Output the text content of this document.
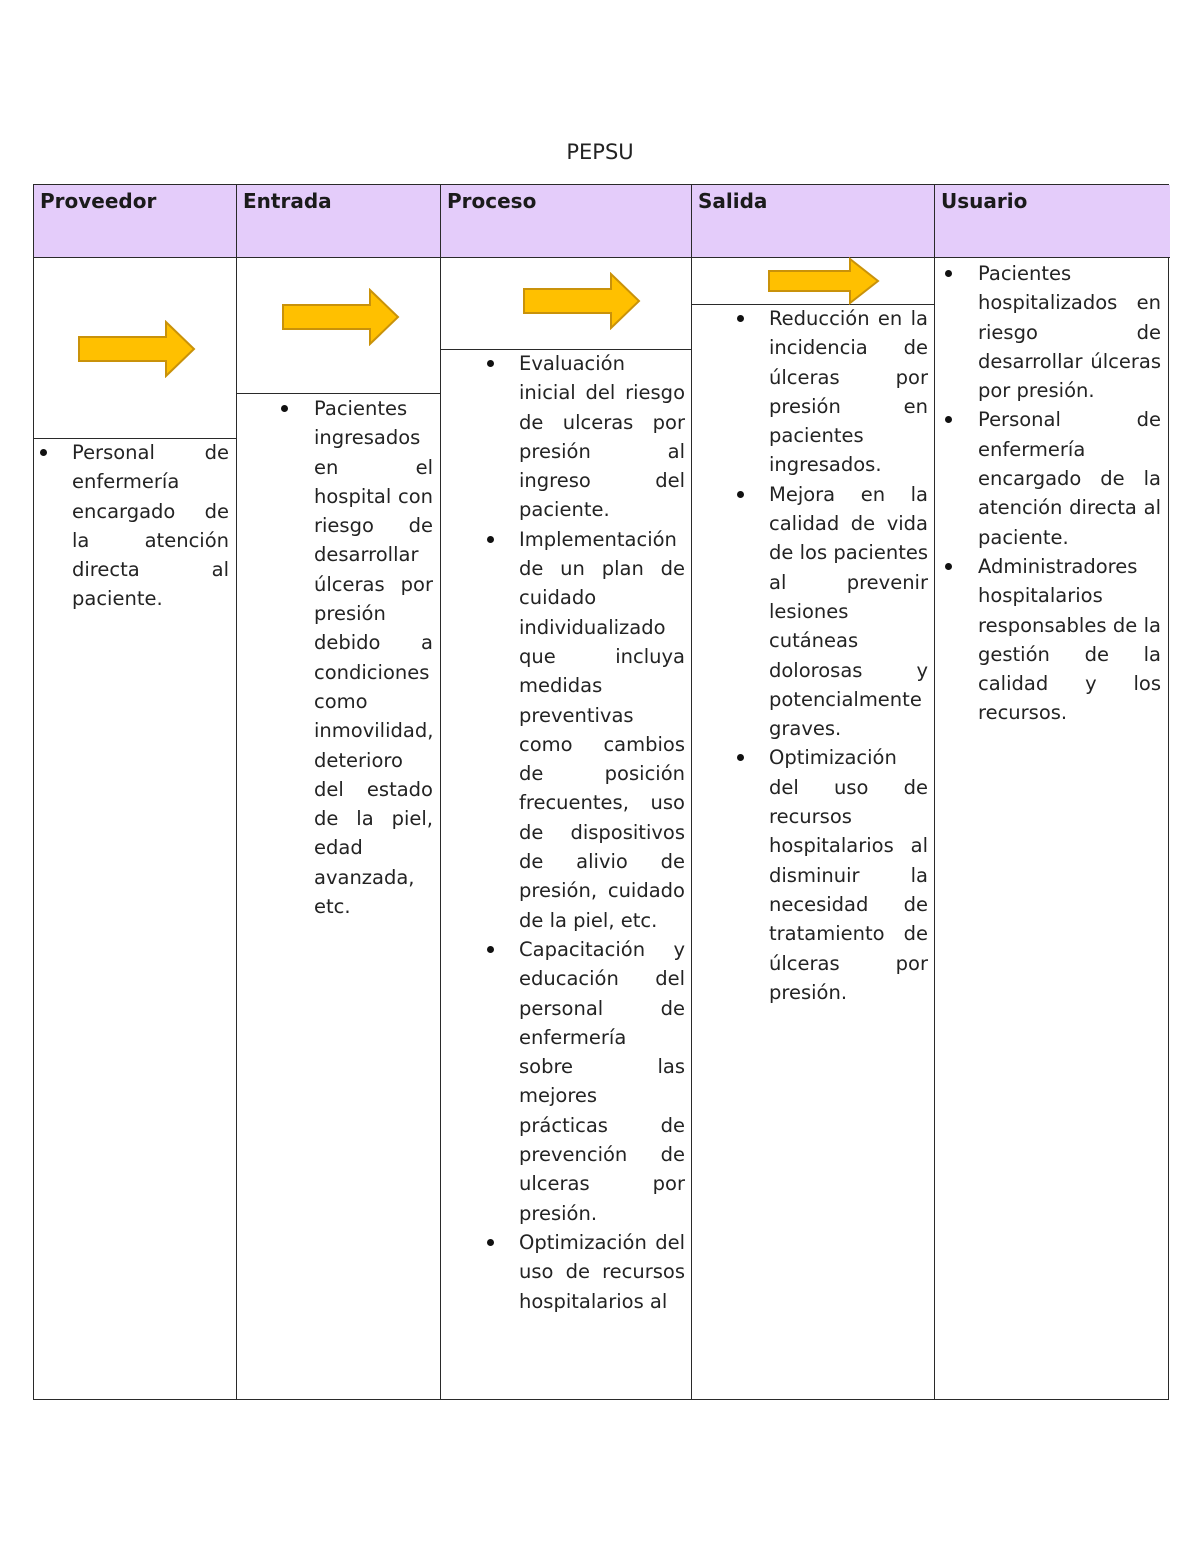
PEPSU
Proveedor
Personal de enfermería encargado de la atención directa al paciente.
Entrada
Pacientes ingresados en el hospital con riesgo de desarrollar úlceras por presión debido a condiciones como inmovilidad, deterioro del estado de la piel, edad avanzada, etc.
Proceso
Evaluación inicial del riesgo de ulceras por presión al ingreso del paciente.
Implementación de un plan de cuidado individualizado que incluya medidas preventivas como cambios de posición frecuentes, uso de dispositivos de alivio de presión, cuidado de la piel, etc.
Capacitación y educación del personal de enfermería sobre las mejores prácticas de prevención de ulceras por presión.
Optimización del uso de recursos hospitalarios al
Salida
Reducción en la incidencia de úlceras por presión en pacientes ingresados.
Mejora en la calidad de vida de los pacientes al prevenir lesiones cutáneas dolorosas y potencialmente graves.
Optimización del uso de recursos hospitalarios al disminuir la necesidad de tratamiento de úlceras por presión.
Usuario
Pacientes hospitalizados en riesgo de desarrollar úlceras por presión.
Personal de enfermería encargado de la atención directa al paciente.
Administradores hospitalarios responsables de la gestión de la calidad y los recursos.
